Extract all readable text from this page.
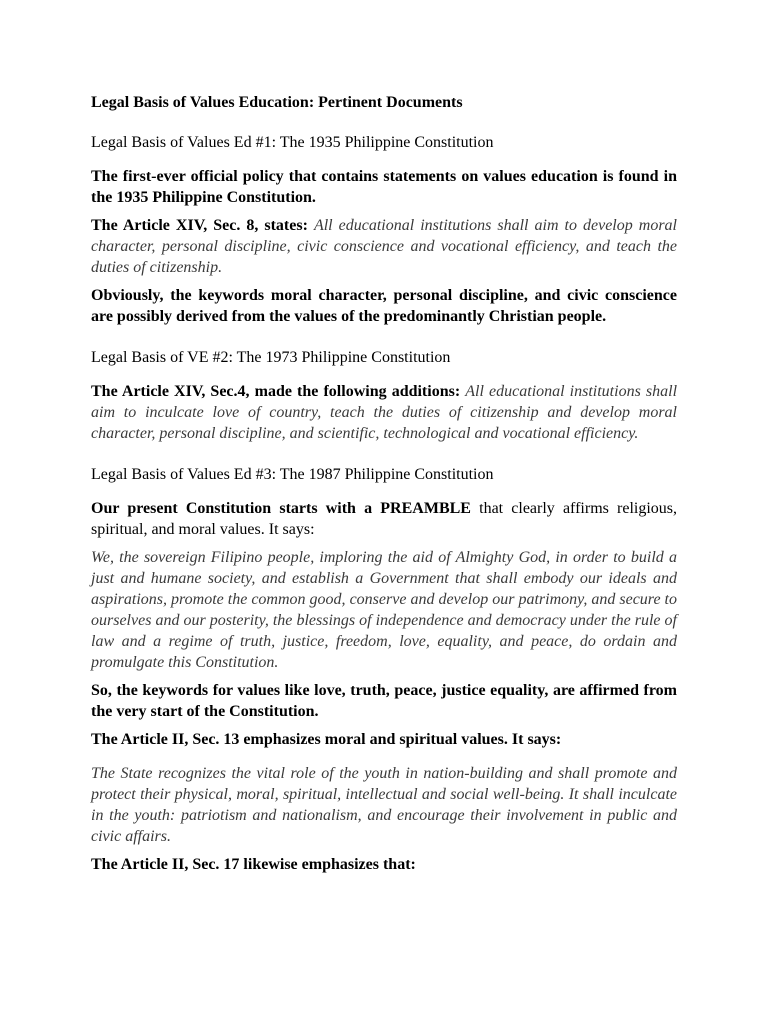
Legal Basis of Values Education: Pertinent Documents

Legal Basis of Values Ed #1: The 1935 Philippine Constitution

The first-ever official policy that contains statements on values education is found in the 1935 Philippine Constitution.

The Article XIV, Sec. 8, states: All educational institutions shall aim to develop moral character, personal discipline, civic conscience and vocational efficiency, and teach the duties of citizenship.

Obviously, the keywords moral character, personal discipline, and civic conscience are possibly derived from the values of the predominantly Christian people.

Legal Basis of VE #2: The 1973 Philippine Constitution

The Article XIV, Sec.4, made the following additions: All educational institutions shall aim to inculcate love of country, teach the duties of citizenship and develop moral character, personal discipline, and scientific, technological and vocational efficiency.

Legal Basis of Values Ed #3: The 1987 Philippine Constitution

Our present Constitution starts with a PREAMBLE that clearly affirms religious, spiritual, and moral values. It says:

We, the sovereign Filipino people, imploring the aid of Almighty God, in order to build a just and humane society, and establish a Government that shall embody our ideals and aspirations, promote the common good, conserve and develop our patrimony, and secure to ourselves and our posterity, the blessings of independence and democracy under the rule of law and a regime of truth, justice, freedom, love, equality, and peace, do ordain and promulgate this Constitution.

So, the keywords for values like love, truth, peace, justice equality, are affirmed from the very start of the Constitution.

The Article II, Sec. 13 emphasizes moral and spiritual values. It says:

The State recognizes the vital role of the youth in nation-building and shall promote and protect their physical, moral, spiritual, intellectual and social well-being. It shall inculcate in the youth: patriotism and nationalism, and encourage their involvement in public and civic affairs.

The Article II, Sec. 17 likewise emphasizes that:
